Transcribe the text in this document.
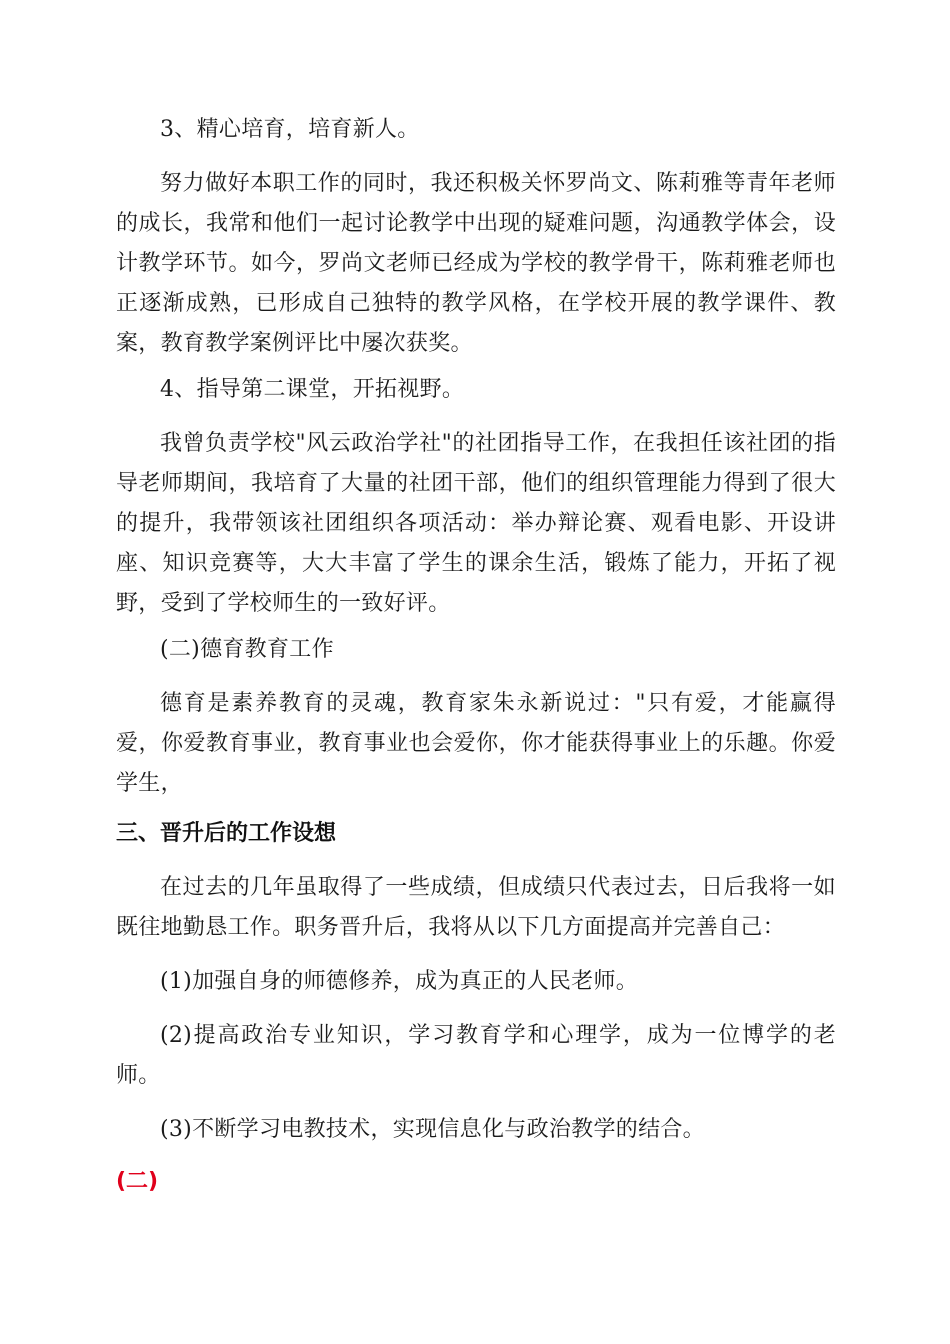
3、精心培育，培育新人。

努力做好本职工作的同时，我还积极关怀罗尚文、陈莉雅等青年老师的成长，我常和他们一起讨论教学中出现的疑难问题，沟通教学体会，设计教学环节。如今，罗尚文老师已经成为学校的教学骨干，陈莉雅老师也正逐渐成熟，已形成自己独特的教学风格，在学校开展的教学课件、教案，教育教学案例评比中屡次获奖。

4、指导第二课堂，开拓视野。

我曾负责学校"风云政治学社"的社团指导工作，在我担任该社团的指导老师期间，我培育了大量的社团干部，他们的组织管理能力得到了很大的提升，我带领该社团组织各项活动：举办辩论赛、观看电影、开设讲座、知识竞赛等，大大丰富了学生的课余生活，锻炼了能力，开拓了视野，受到了学校师生的一致好评。

(二)德育教育工作

德育是素养教育的灵魂，教育家朱永新说过："只有爱，才能赢得爱，你爱教育事业，教育事业也会爱你，你才能获得事业上的乐趣。你爱学生，

三、晋升后的工作设想

在过去的几年虽取得了一些成绩，但成绩只代表过去，日后我将一如既往地勤恳工作。职务晋升后，我将从以下几方面提高并完善自己：

(1)加强自身的师德修养，成为真正的人民老师。

(2)提高政治专业知识，学习教育学和心理学，成为一位博学的老师。

(3)不断学习电教技术，实现信息化与政治教学的结合。

(二)
